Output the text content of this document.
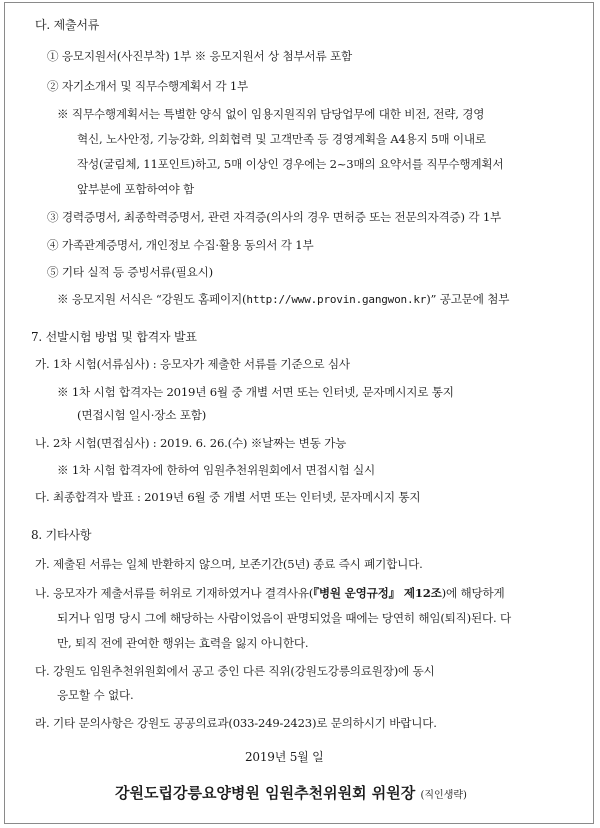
다. 제출서류
① 응모지원서(사진부착) 1부 ※ 응모지원서 상 첨부서류 포함
② 자기소개서 및 직무수행계획서 각 1부
※ 직무수행계획서는 특별한 양식 없이 임용지원직위 담당업무에 대한 비전, 전략, 경영
혁신, 노사안정, 기능강화, 의회협력 및 고객만족 등 경영계획을 A4용지 5매 이내로
작성(굴림체, 11포인트)하고, 5매 이상인 경우에는 2~3매의 요약서를 직무수행계획서
앞부분에 포함하여야 함
③ 경력증명서, 최종학력증명서, 관련 자격증(의사의 경우 면허증 또는 전문의자격증) 각 1부
④ 가족관계증명서, 개인정보 수집·활용 동의서 각 1부
⑤ 기타 실적 등 증빙서류(필요시)
※ 응모지원 서식은 “강원도 홈페이지(http://www.provin.gangwon.kr)” 공고문에 첨부
7. 선발시험 방법 및 합격자 발표
가. 1차 시험(서류심사) : 응모자가 제출한 서류를 기준으로 심사
※ 1차 시험 합격자는 2019년 6월 중 개별 서면 또는 인터넷, 문자메시지로 통지
(면접시험 일시·장소 포함)
나. 2차 시험(면접심사) : 2019. 6. 26.(수) ※날짜는 변동 가능
※ 1차 시험 합격자에 한하여 임원추천위원회에서 면접시험 실시
다. 최종합격자 발표 : 2019년 6월 중 개별 서면 또는 인터넷, 문자메시지 통지
8. 기타사항
가. 제출된 서류는 일체 반환하지 않으며, 보존기간(5년) 종료 즉시 폐기합니다.
나. 응모자가 제출서류를 허위로 기재하였거나 결격사유(『병원 운영규정』 제12조)에 해당하게
되거나 임명 당시 그에 해당하는 사람이었음이 판명되었을 때에는 당연히 해임(퇴직)된다. 다
만, 퇴직 전에 관여한 행위는 효력을 잃지 아니한다.
다. 강원도 임원추천위원회에서 공고 중인 다른 직위(강원도강릉의료원장)에 동시
응모할 수 없다.
라. 기타 문의사항은 강원도 공공의료과(033-249-2423)로 문의하시기 바랍니다.
2019년 5월 일
강원도립강릉요양병원 임원추천위원회 위원장 (직인생략)
